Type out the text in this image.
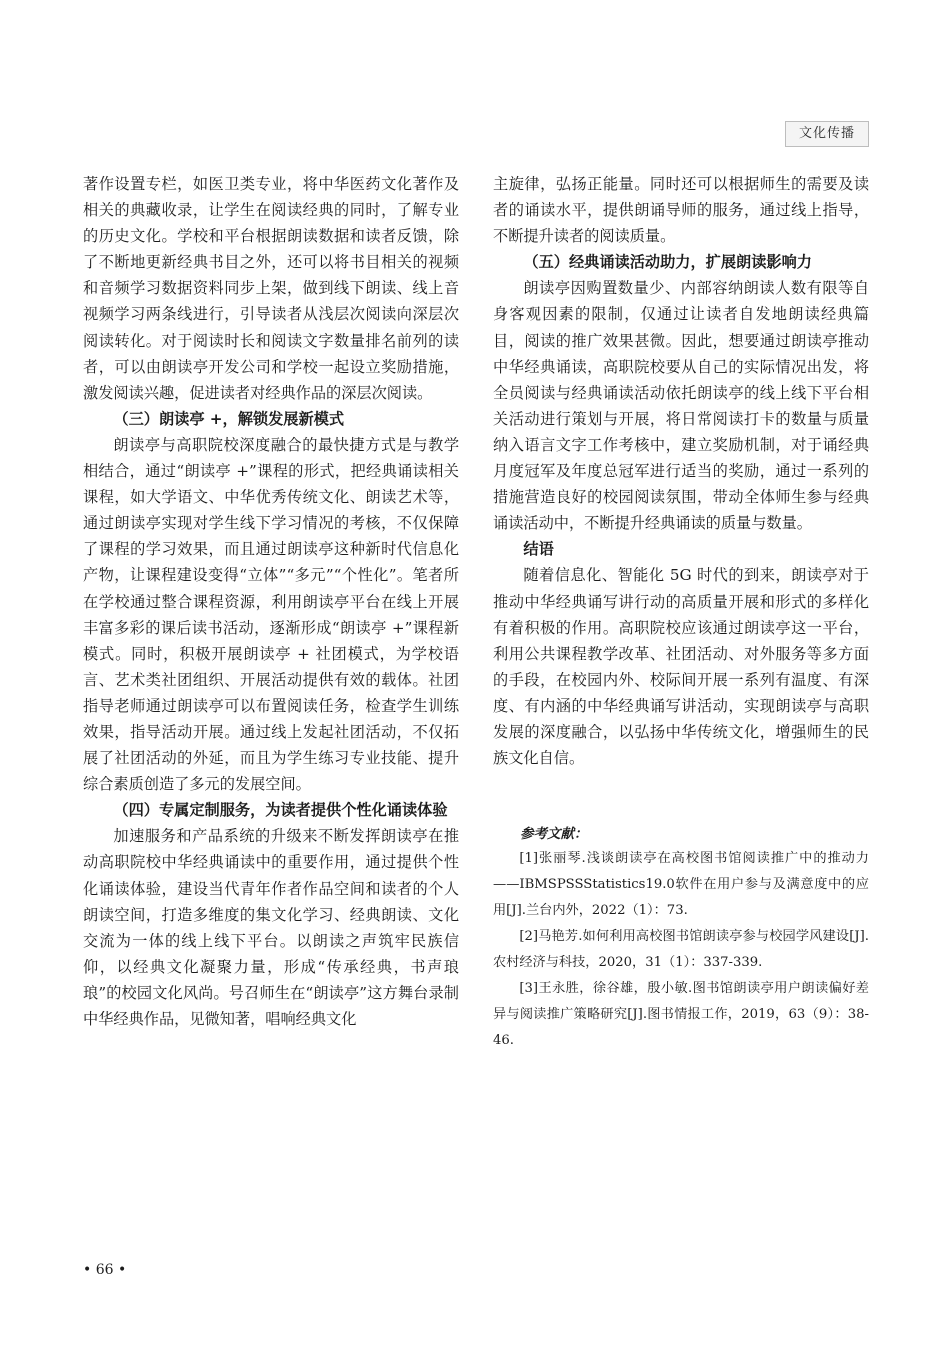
文化传播

著作设置专栏，如医卫类专业，将中华医药文化著作及相关的典藏收录，让学生在阅读经典的同时，了解专业的历史文化。学校和平台根据朗读数据和读者反馈，除了不断地更新经典书目之外，还可以将书目相关的视频和音频学习数据资料同步上架，做到线下朗读、线上音视频学习两条线进行，引导读者从浅层次阅读向深层次阅读转化。对于阅读时长和阅读文字数量排名前列的读者，可以由朗读亭开发公司和学校一起设立奖励措施，激发阅读兴趣，促进读者对经典作品的深层次阅读。

（三）朗读亭 +，解锁发展新模式

朗读亭与高职院校深度融合的最快捷方式是与教学相结合，通过“朗读亭 +”课程的形式，把经典诵读相关课程，如大学语文、中华优秀传统文化、朗读艺术等，通过朗读亭实现对学生线下学习情况的考核，不仅保障了课程的学习效果，而且通过朗读亭这种新时代信息化产物，让课程建设变得“立体”“多元”“个性化”。笔者所在学校通过整合课程资源，利用朗读亭平台在线上开展丰富多彩的课后读书活动，逐渐形成“朗读亭 +”课程新模式。同时，积极开展朗读亭 + 社团模式，为学校语言、艺术类社团组织、开展活动提供有效的载体。社团指导老师通过朗读亭可以布置阅读任务，检查学生训练效果，指导活动开展。通过线上发起社团活动，不仅拓展了社团活动的外延，而且为学生练习专业技能、提升综合素质创造了多元的发展空间。

（四）专属定制服务，为读者提供个性化诵读体验

加速服务和产品系统的升级来不断发挥朗读亭在推动高职院校中华经典诵读中的重要作用，通过提供个性化诵读体验，建设当代青年作者作品空间和读者的个人朗读空间，打造多维度的集文化学习、经典朗读、文化交流为一体的线上线下平台。以朗读之声筑牢民族信仰，以经典文化凝聚力量，形成“传承经典，书声琅琅”的校园文化风尚。号召师生在“朗读亭”这方舞台录制中华经典作品，见微知著，唱响经典文化

主旋律，弘扬正能量。同时还可以根据师生的需要及读者的诵读水平，提供朗诵导师的服务，通过线上指导，不断提升读者的阅读质量。

（五）经典诵读活动助力，扩展朗读影响力

朗读亭因购置数量少、内部容纳朗读人数有限等自身客观因素的限制，仅通过让读者自发地朗读经典篇目，阅读的推广效果甚微。因此，想要通过朗读亭推动中华经典诵读，高职院校要从自己的实际情况出发，将全员阅读与经典诵读活动依托朗读亭的线上线下平台相关活动进行策划与开展，将日常阅读打卡的数量与质量纳入语言文字工作考核中，建立奖励机制，对于诵经典月度冠军及年度总冠军进行适当的奖励，通过一系列的措施营造良好的校园阅读氛围，带动全体师生参与经典诵读活动中，不断提升经典诵读的质量与数量。

结语

随着信息化、智能化 5G 时代的到来，朗读亭对于推动中华经典诵写讲行动的高质量开展和形式的多样化有着积极的作用。高职院校应该通过朗读亭这一平台，利用公共课程教学改革、社团活动、对外服务等多方面的手段，在校园内外、校际间开展一系列有温度、有深度、有内涵的中华经典诵写讲活动，实现朗读亭与高职发展的深度融合，以弘扬中华传统文化，增强师生的民族文化自信。

参考文献：

[1]张丽琴.浅谈朗读亭在高校图书馆阅读推广中的推动力——IBMSPSSStatistics19.0软件在用户参与及满意度中的应用[J].兰台内外，2022（1）：73.

[2]马艳芳.如何利用高校图书馆朗读亭参与校园学风建设[J].农村经济与科技，2020，31（1）：337-339.

[3]王永胜，徐谷雄，殷小敏.图书馆朗读亭用户朗读偏好差异与阅读推广策略研究[J].图书情报工作，2019，63（9）：38-46.

• 66 •
